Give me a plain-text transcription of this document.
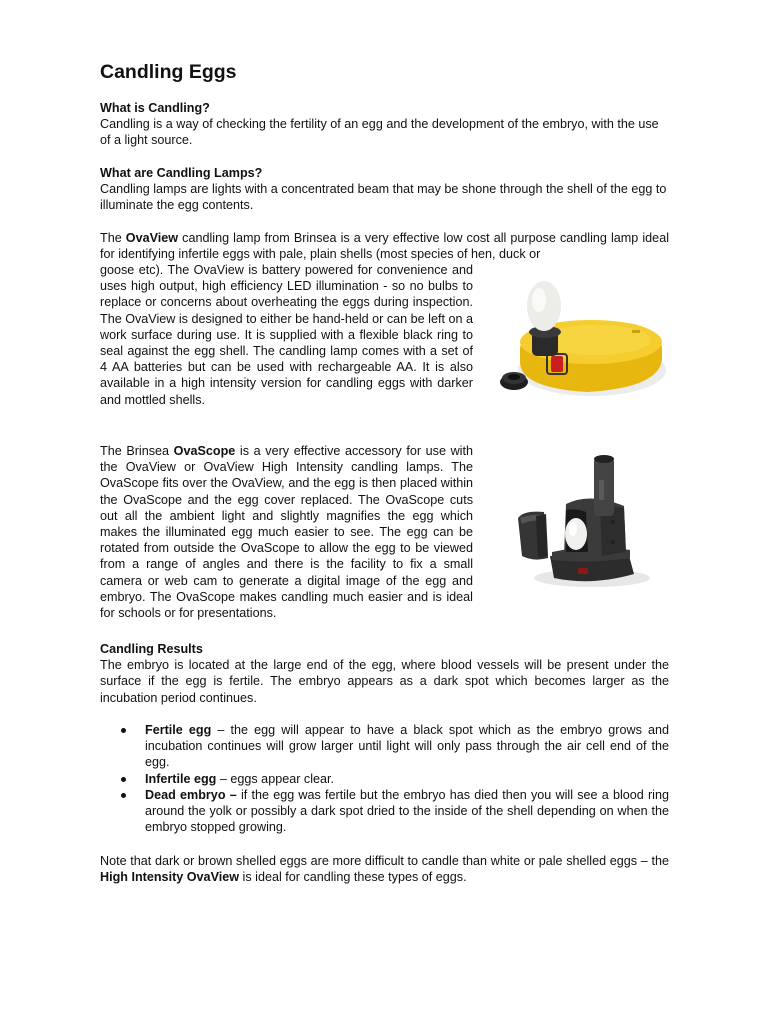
Candling Eggs

What is Candling?

Candling is a way of checking the fertility of an egg and the development of the embryo, with the use of a light source.

What are Candling Lamps?

Candling lamps are lights with a concentrated beam that may be shone through the shell of the egg to illuminate the egg contents.

The OvaView candling lamp from Brinsea is a very effective low cost all purpose candling lamp ideal for identifying infertile eggs with pale, plain shells (most species of hen, duck or

goose etc). The OvaView is battery powered for convenience and uses high output, high efficiency LED illumination - so no bulbs to replace or concerns about overheating the eggs during inspection. The OvaView is designed to either be hand-held or can be left on a work surface during use. It is supplied with a flexible black ring to seal against the egg shell. The candling lamp comes with a set of 4 AA batteries but can be used with rechargeable AA. It is also available in a high intensity version for candling eggs with darker and mottled shells.

The Brinsea OvaScope is a very effective accessory for use with the OvaView or OvaView High Intensity candling lamps. The OvaScope fits over the OvaView, and the egg is then placed within the OvaScope and the egg cover replaced. The OvaScope cuts out all the ambient light and slightly magnifies the egg which makes the illuminated egg much easier to see. The egg can be rotated from outside the OvaScope to allow the egg to be viewed from a range of angles and there is the facility to fix a small camera or web cam to generate a digital image of the egg and embryo. The OvaScope makes candling much easier and is ideal for schools or for presentations.

Candling Results

The embryo is located at the large end of the egg, where blood vessels will be present under the surface if the egg is fertile. The embryo appears as a dark spot which becomes larger as the incubation period continues.

Fertile egg – the egg will appear to have a black spot which as the embryo grows and incubation continues will grow larger until light will only pass through the air cell end of the egg.
Infertile egg – eggs appear clear.
Dead embryo – if the egg was fertile but the embryo has died then you will see a blood ring around the yolk or possibly a dark spot dried to the inside of the shell depending on when the embryo stopped growing.

Note that dark or brown shelled eggs are more difficult to candle than white or pale shelled eggs – the High Intensity OvaView is ideal for candling these types of eggs.
